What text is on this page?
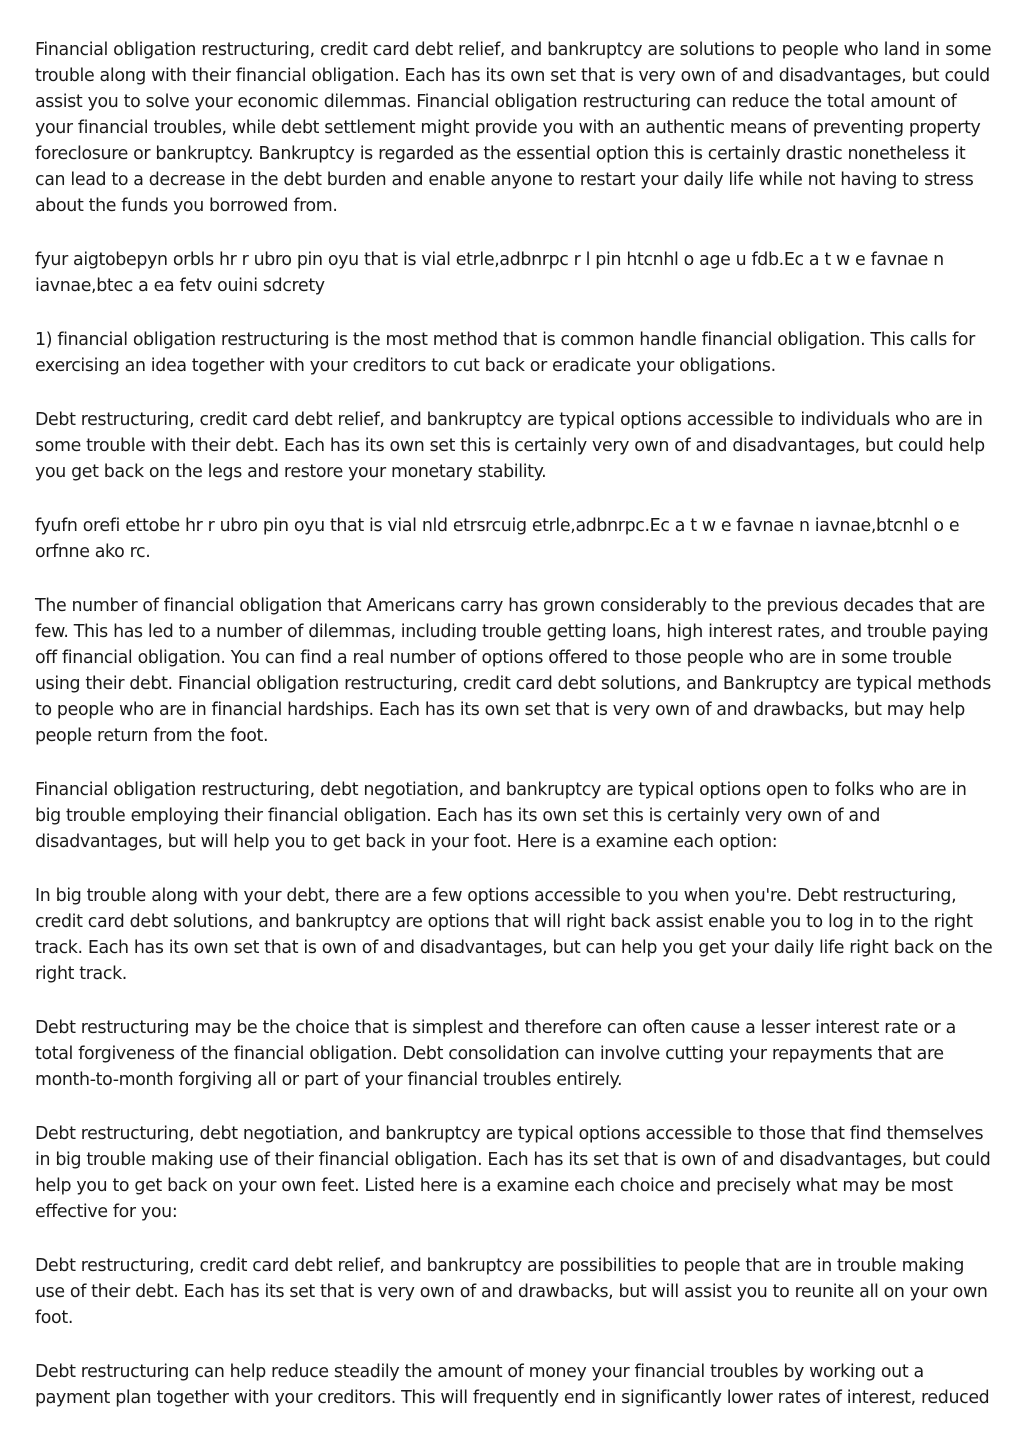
Financial obligation restructuring, credit card debt relief, and bankruptcy are solutions to people who land in some trouble along with their financial obligation. Each has its own set that is very own of and disadvantages, but could assist you to solve your economic dilemmas. Financial obligation restructuring can reduce the total amount of your financial troubles, while debt settlement might provide you with an authentic means of preventing property foreclosure or bankruptcy. Bankruptcy is regarded as the essential option this is certainly drastic nonetheless it can lead to a decrease in the debt burden and enable anyone to restart your daily life while not having to stress about the funds you borrowed from.

fyur aigtobepyn orbls hr r ubro pin oyu that is vial etrle,adbnrpc r l pin htcnhl o age u fdb.Ec a t w e favnae n iavnae,btec a ea fetv ouini sdcrety

1) financial obligation restructuring is the most method that is common handle financial obligation. This calls for exercising an idea together with your creditors to cut back or eradicate your obligations.

Debt restructuring, credit card debt relief, and bankruptcy are typical options accessible to individuals who are in some trouble with their debt. Each has its own set this is certainly very own of and disadvantages, but could help you get back on the legs and restore your monetary stability.

fyufn orefi ettobe hr r ubro pin oyu that is vial nld etrsrcuig etrle,adbnrpc.Ec a t w e favnae n iavnae,btcnhl o e orfnne ako rc.

The number of financial obligation that Americans carry has grown considerably to the previous decades that are few. This has led to a number of dilemmas, including trouble getting loans, high interest rates, and trouble paying off financial obligation. You can find a real number of options offered to those people who are in some trouble using their debt. Financial obligation restructuring, credit card debt solutions, and Bankruptcy are typical methods to people who are in financial hardships. Each has its own set that is very own of and drawbacks, but may help people return from the foot.

Financial obligation restructuring, debt negotiation, and bankruptcy are typical options open to folks who are in big trouble employing their financial obligation. Each has its own set this is certainly very own of and disadvantages, but will help you to get back in your foot. Here is a examine each option:

In big trouble along with your debt, there are a few options accessible to you when you're. Debt restructuring, credit card debt solutions, and bankruptcy are options that will right back assist enable you to log in to the right track. Each has its own set that is own of and disadvantages, but can help you get your daily life right back on the right track.

Debt restructuring may be the choice that is simplest and therefore can often cause a lesser interest rate or a total forgiveness of the financial obligation. Debt consolidation can involve cutting your repayments that are month-to-month forgiving all or part of your financial troubles entirely.

Debt restructuring, debt negotiation, and bankruptcy are typical options accessible to those that find themselves in big trouble making use of their financial obligation. Each has its set that is own of and disadvantages, but could help you to get back on your own feet. Listed here is a examine each choice and precisely what may be most effective for you:

Debt restructuring, credit card debt relief, and bankruptcy are possibilities to people that are in trouble making use of their debt. Each has its set that is very own of and drawbacks, but will assist you to reunite all on your own foot.

Debt restructuring can help reduce steadily the amount of money your financial troubles by working out a payment plan together with your creditors. This will frequently end in significantly lower rates of interest, reduced
